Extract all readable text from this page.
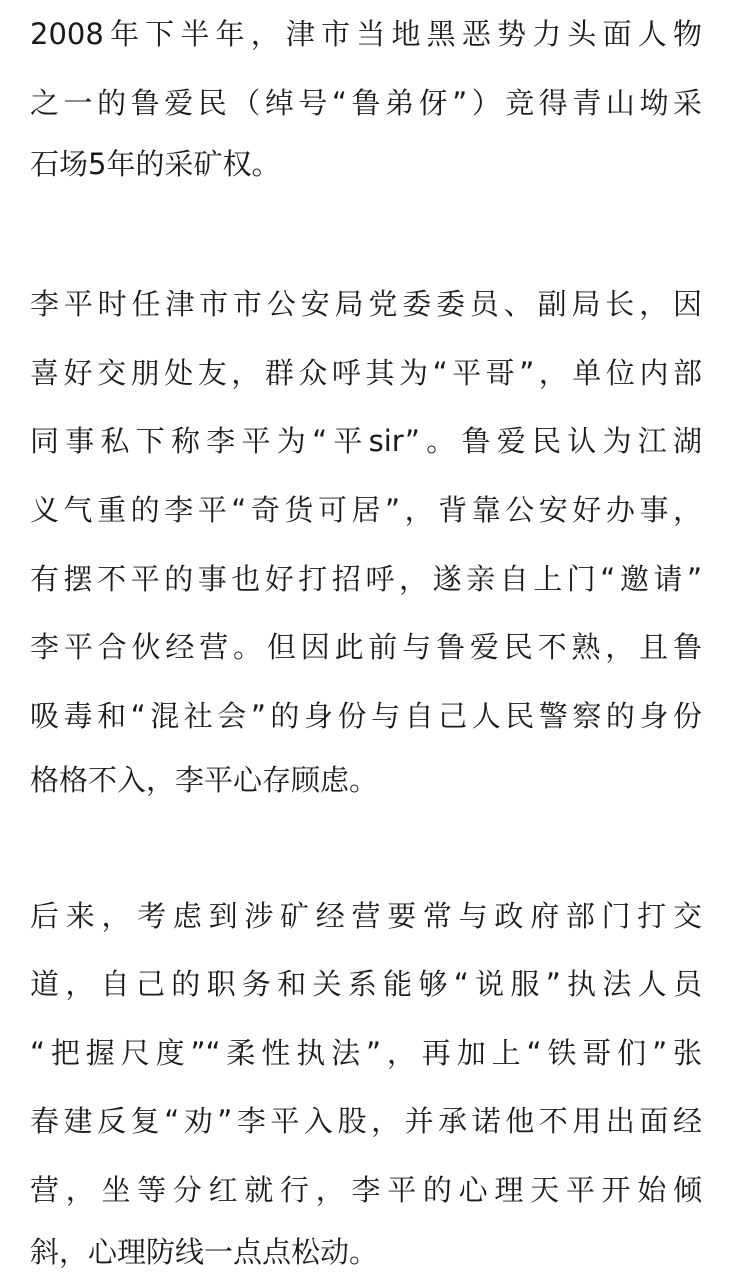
2008年下半年，津市当地黑恶势力头面人物
之一的鲁爱民（绰号“鲁弟伢”）竞得青山坳采
石场5年的采矿权。
李平时任津市市公安局党委委员、副局长，因
喜好交朋处友，群众呼其为“平哥”，单位内部
同事私下称李平为“平sir”。鲁爱民认为江湖
义气重的李平“奇货可居”，背靠公安好办事，
有摆不平的事也好打招呼，遂亲自上门“邀请”
李平合伙经营。但因此前与鲁爱民不熟，且鲁
吸毒和“混社会”的身份与自己人民警察的身份
格格不入，李平心存顾虑。
后来，考虑到涉矿经营要常与政府部门打交
道，自己的职务和关系能够“说服”执法人员
“把握尺度”“柔性执法”，再加上“铁哥们”张
春建反复“劝”李平入股，并承诺他不用出面经
营，坐等分红就行，李平的心理天平开始倾
斜，心理防线一点点松动。
